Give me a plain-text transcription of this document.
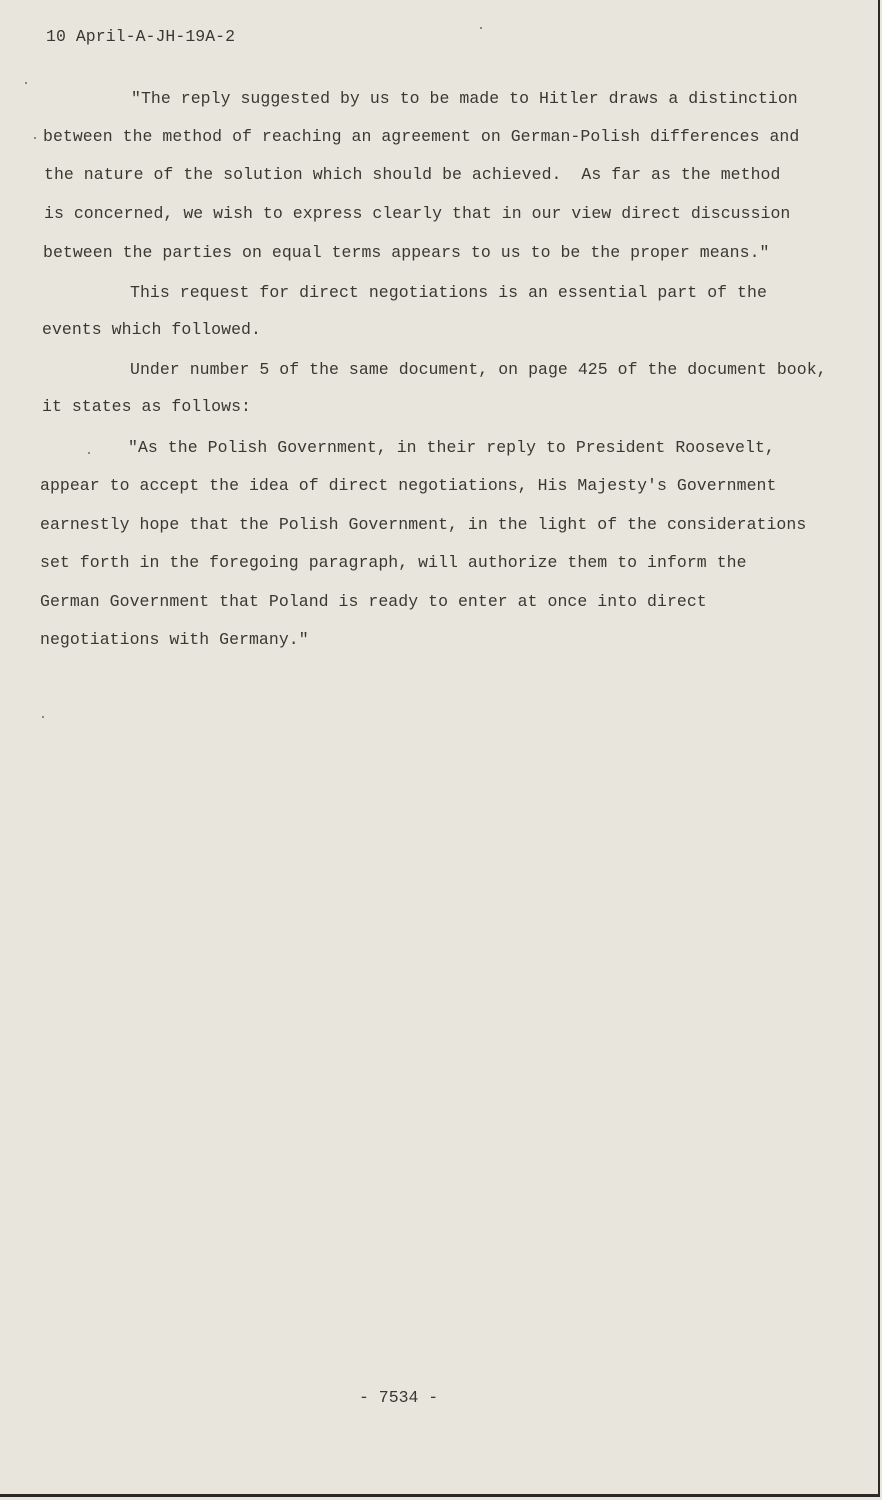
10 April-A-JH-19A-2
"The reply suggested by us to be made to Hitler draws a distinction
between the method of reaching an agreement on German-Polish differences and
the nature of the solution which should be achieved.  As far as the method
is concerned, we wish to express clearly that in our view direct discussion
between the parties on equal terms appears to us to be the proper means."
This request for direct negotiations is an essential part of the
events which followed.
Under number 5 of the same document, on page 425 of the document book,
it states as follows:
"As the Polish Government, in their reply to President Roosevelt,
appear to accept the idea of direct negotiations, His Majesty's Government
earnestly hope that the Polish Government, in the light of the considerations
set forth in the foregoing paragraph, will authorize them to inform the
German Government that Poland is ready to enter at once into direct
negotiations with Germany."
- 7534 -
